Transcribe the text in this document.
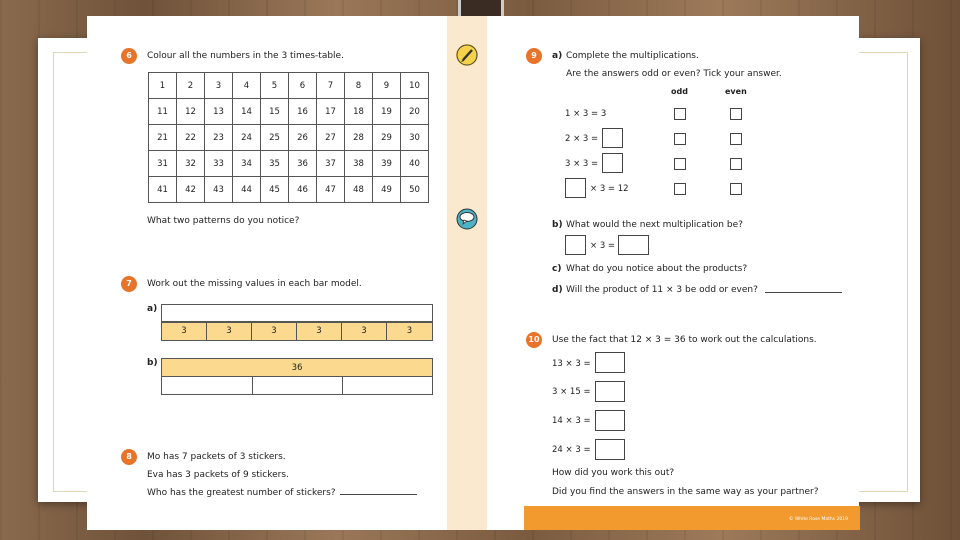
6	Colour all the numbers in the 3 times-table.
1	2	3	4	5	6	7	8	9	10
11	12	13	14	15	16	17	18	19	20
21	22	23	24	25	26	27	28	29	30
31	32	33	34	35	36	37	38	39	40
41	42	43	44	45	46	47	48	49	50
What two patterns do you notice?
7	Work out the missing values in each bar model.
a)
3	3	3	3	3	3
b)	36
8	Mo has 7 packets of 3 stickers.
Eva has 3 packets of 9 stickers.
Who has the greatest number of stickers?
9	a) Complete the multiplications.
Are the answers odd or even? Tick your answer.
odd	even
1 × 3 = 3
2 × 3 =
3 × 3 =
× 3 = 12
b) What would the next multiplication be?
× 3 =
c) What do you notice about the products?
d) Will the product of 11 × 3 be odd or even?
10 Use the fact that 12 × 3 = 36 to work out the calculations.
13 × 3 =
3 × 15 =
14 × 3 =
24 × 3 =
How did you work this out?
Did you find the answers in the same way as your partner?
© White Rose Maths 2019
